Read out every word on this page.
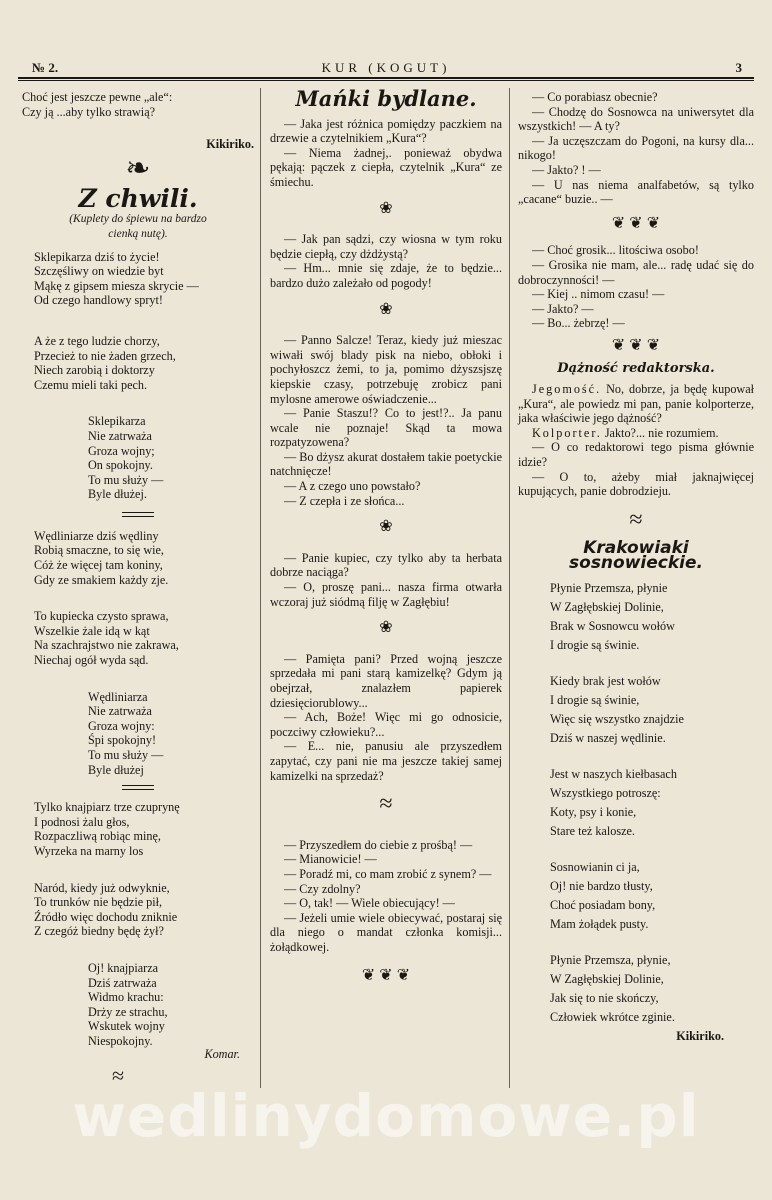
№ 2.	KUR (KOGUT)	3

Choć jest jeszcze pewne „ale“:

Czy ją ...aby tylko strawią?

Kikiriko.

❧
Z chwili.

(Kuplety do śpiewu na bardzo

cienką nutę).

Sklepikarza dziś to życie!

Szczęśliwy on wiedzie byt

Mąkę z gipsem miesza skrycie —

Od czego handlowy spryt!

A że z tego ludzie chorzy,

Przecież to nie żaden grzech,

Niech zarobią i doktorzy

Czemu mieli taki pech.

Sklepikarza

Nie zatrważa

Groza wojny;

On spokojny.

To mu służy —

Byle dłużej.

Wędliniarze dziś wędliny

Robią smaczne, to się wie,

Cóż że więcej tam koniny,

Gdy ze smakiem każdy zje.

To kupiecka czysto sprawa,

Wszelkie żale idą w kąt

Na szachrajstwo nie zakrawa,

Niechaj ogół wyda sąd.

Wędliniarza

Nie zatrważa

Groza wojny:

Śpi spokojny!

To mu służy —

Byle dłużej

Tylko knajpiarz trze czuprynę

I podnosi żalu głos,

Rozpaczliwą robiąc minę,

Wyrzeka na marny los

Naród, kiedy już odwyknie,

To trunków nie będzie pił,

Źródło więc dochodu zniknie

Z czegóż biedny będę żył?

Oj! knajpiarza

Dziś zatrważa

Widmo krachu:

Drży ze strachu,

Wskutek wojny

Niespokojny.

Komar.

≈
Mańki bydlane.

— Jaka jest różnica pomiędzy paczkiem na drzewie a czytelnikiem „Kura“?

— Niema żadnej,. ponieważ obydwa pękają: pączek z ciepła, czytelnik „Kura“ ze śmiechu.

❀

— Jak pan sądzi, czy wiosna w tym roku będzie ciepłą, czy dżdżystą?

— Hm... mnie się zdaje, że to będzie... bardzo dużo zależało od pogody!

❀

— Panno Salcze! Teraz, kiedy już mieszac wiwałi swój blady pisk na niebo, obłoki i pochyłoszcz żemi, to ja, pomimo dżyszsjszę kiepskie czasy, potrzebuję zrobicz pani mylosne amerowe oświadczenie...

— Panie Staszu!? Co to jest!?.. Ja panu wcale nie poznaje! Skąd ta mowa rozpatyzowena?

— Bo dżysz akurat dostałem takie poetyckie natchnięcze!

— A z czego uno powstało?

— Z czepła i ze słońca...

❀

— Panie kupiec, czy tylko aby ta herbata dobrze naciąga?

— O, proszę pani... nasza firma otwarła wczoraj już siódmą filję w Zagłębiu!

❀

— Pamięta pani? Przed wojną jeszcze sprzedała mi pani starą kamizelkę? Gdym ją obejrzał, znalazłem papierek dziesięciorublowy...

— Ach, Boże! Więc mi go odnosicie, poczciwy człowieku?...

— E... nie, panusiu ale przyszedłem zapytać, czy pani nie ma jeszcze takiej samej kamizelki na sprzedaż?

≈

— Przyszedłem do ciebie z prośbą! —

— Mianowicie! —

— Poradź mi, co mam zrobić z synem? —

— Czy zdolny?

— O, tak! — Wiele obiecujący! —

— Jeżeli umie wiele obiecywać, postaraj się dla niego o mandat członka komisji... żołądkowej.

❦ ❦ ❦

— Co porabiasz obecnie?

— Chodzę do Sosnowca na uniwersytet dla wszystkich! — A ty?

— Ja uczęszczam do Pogoni, na kursy dla... nikogo!

— Jakto? ! —

— U nas niema analfabetów, są tylko „cacane“ buzie.. —

❦ ❦ ❦

— Choć grosik... litościwa osobo!

— Grosika nie mam, ale... radę udać się do dobroczynności! —

— Kiej .. nimom czasu! —

— Jakto? —

— Bo... żebrzę! —

❦ ❦ ❦
Dążność redaktorska.

Jegomość. No, dobrze, ja będę kupował „Kura“, ale powiedz mi pan, panie kolporterze, jaka właściwie jego dążność?

Kolporter. Jakto?... nie rozumiem.

— O co redaktorowi tego pisma głównie idzie?

— O to, ażeby miał jaknajwięcej kupujących, panie dobrodzieju.

≈
Krakowiaki sosnowieckie.

Płynie Przemsza, płynie

W Zagłębskiej Dolinie,

Brak w Sosnowcu wołów

I drogie są świnie.

Kiedy brak jest wołów

I drogie są świnie,

Więc się wszystko znajdzie

Dziś w naszej wędlinie.

Jest w naszych kiełbasach

Wszystkiego potroszę:

Koty, psy i konie,

Stare też kalosze.

Sosnowianin ci ja,

Oj! nie bardzo tłusty,

Choć posiadam bony,

Mam żołądek pusty.

Płynie Przemsza, płynie,

W Zagłębskiej Dolinie,

Jak się to nie skończy,

Człowiek wkrótce zginie.

Kikiriko.

wedlinydomowe.pl
